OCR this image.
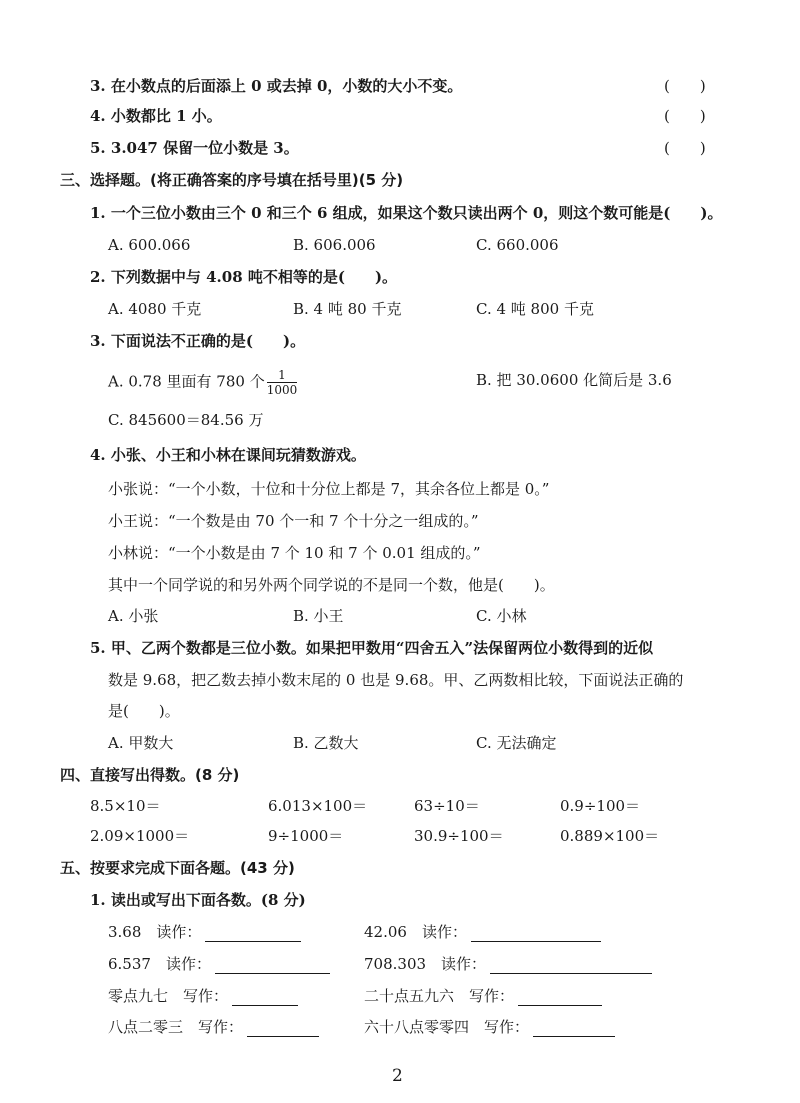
3. 在小数点的后面添上 0 或去掉 0，小数的大小不变。	(　　)
4. 小数都比 1 小。	(　　)
5. 3.047 保留一位小数是 3。	(　　)
三、选择题。(将正确答案的序号填在括号里)(5 分)
1. 一个三位小数由三个 0 和三个 6 组成，如果这个数只读出两个 0，则这个数可能是(　　)。
A. 600.066	B. 606.006	C. 660.006
2. 下列数据中与 4.08 吨不相等的是(　　)。
A. 4080 千克	B. 4 吨 80 千克	C. 4 吨 800 千克
3. 下面说法不正确的是(　　)。
A. 0.78 里面有 780 个 $\frac{1}{1000}$	B. 把 30.0600 化简后是 3.6
C. 845600＝84.56 万
4. 小张、小王和小林在课间玩猜数游戏。
小张说：“一个小数，十位和十分位上都是 7，其余各位上都是 0。”
小王说：“一个数是由 70 个一和 7 个十分之一组成的。”
小林说：“一个小数是由 7 个 10 和 7 个 0.01 组成的。”
其中一个同学说的和另外两个同学说的不是同一个数，他是(　　)。
A. 小张	B. 小王	C. 小林
5. 甲、乙两个数都是三位小数。如果把甲数用“四舍五入”法保留两位小数得到的近似
数是 9.68，把乙数去掉小数末尾的 0 也是 9.68。甲、乙两数相比较，下面说法正确的
是(　　)。
A. 甲数大	B. 乙数大	C. 无法确定
四、直接写出得数。(8 分)
8.5×10＝	6.013×100＝	63÷10＝	0.9÷100＝
2.09×1000＝	9÷1000＝	30.9÷100＝	0.889×100＝
五、按要求完成下面各题。(43 分)
1. 读出或写出下面各数。(8 分)
3.68　读作：	42.06　读作：
6.537　读作：	708.303　读作：
零点九七　写作：	二十点五九六　写作：
八点二零三　写作：	六十八点零零四　写作：
2
